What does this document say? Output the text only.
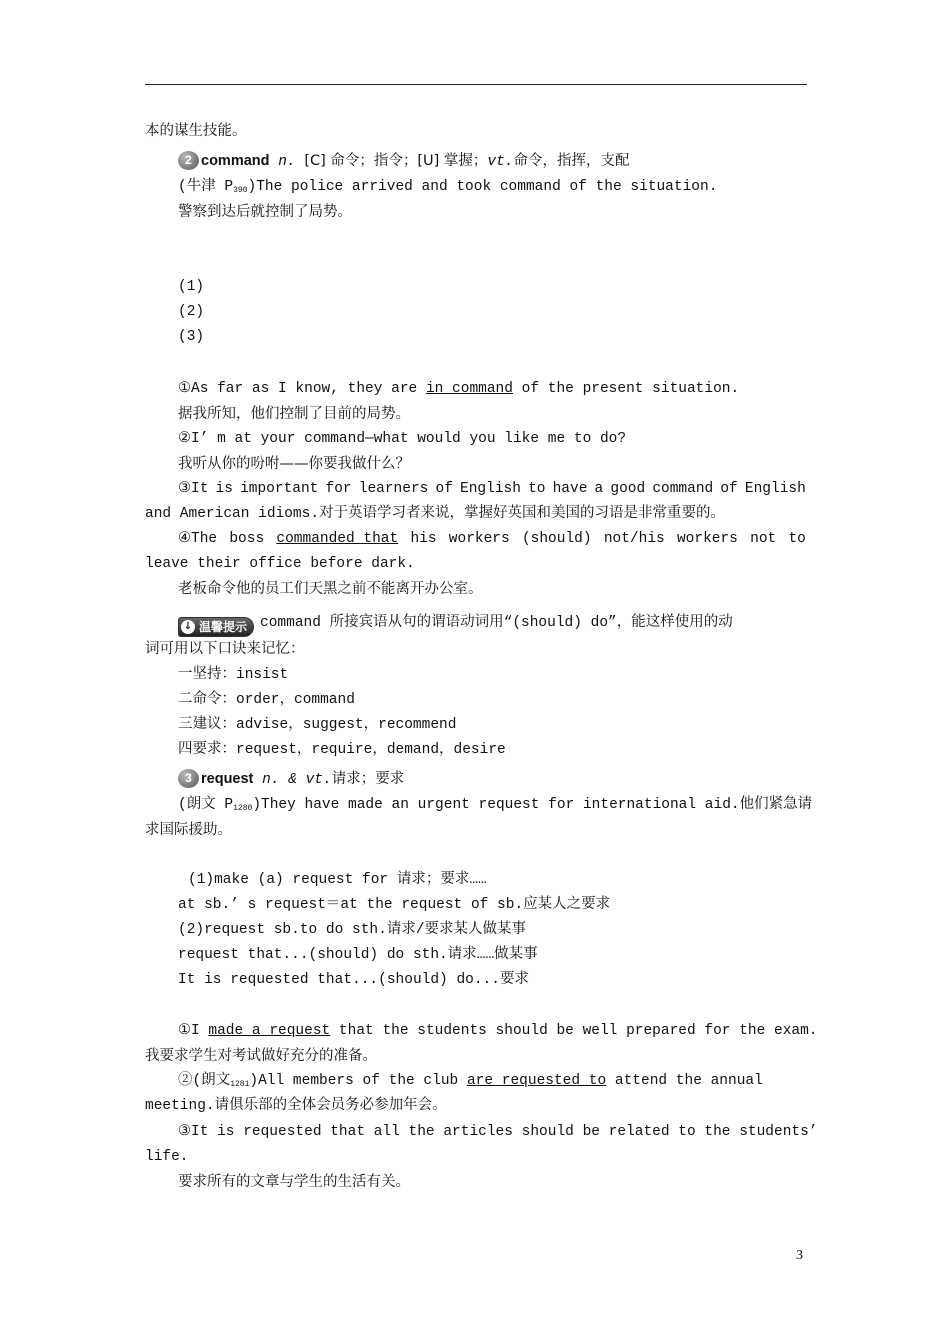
本的谋生技能。
2 command n. [C] 命令；指令；[U] 掌握；vt.命令，指挥，支配
(牛津 $P_{390})The$ police arrived and took command of the situation.
警察到达后就控制了局势。
(1)
(2)
(3)
①As far as I know, they are in command of the present situation.
据我所知，他们控制了目前的局势。
②I’ m at your command—what would you like me to do?
我听从你的吩咐——你要我做什么？
③It is important for learners of English to have a good command of English
and American idioms.对于英语学习者来说，掌握好英国和美国的习语是非常重要的。
④The boss commanded that his workers (should) not/his workers not to
leave their office before dark.
老板命令他的员工们天黑之前不能离开办公室。
↓ 温馨提示 command 所接宾语从句的谓语动词用“(should) do”，能这样使用的动
词可用以下口诀来记忆：
一坚持：insist
二命令：order，command
三建议：advise，suggest，recommend
四要求：request，require，demand，desire
3 request n. & vt.请求；要求
(朗文 $P_{1280})They$ have made an urgent request for international aid.他们紧急请
求国际援助。
(1)make (a) request for 请求；要求……
at sb.’ s request＝at the request of sb.应某人之要求
(2)request sb.to do sth.请求/要求某人做某事
request that...(should) do sth.请求……做某事
It is requested that...(should) do...要求
①I made a request that the students should be well prepared for the exam.
我要求学生对考试做好充分的准备。
②(朗文$_{1281}$)All members of the club are requested to attend the annual
meeting.请俱乐部的全体会员务必参加年会。
③It is requested that all the articles should be related to the students’
life.
要求所有的文章与学生的生活有关。
3
